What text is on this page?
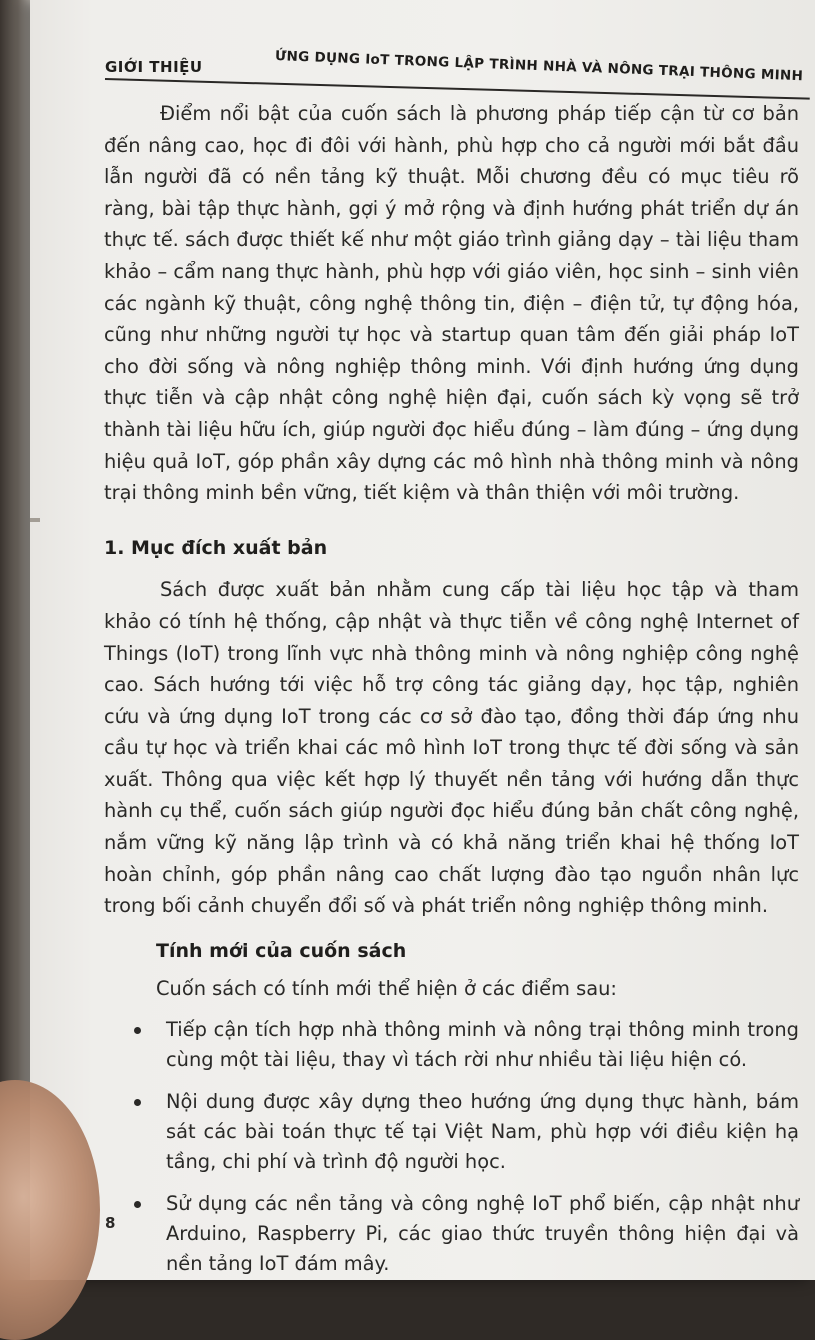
GIỚI THIỆU	ỨNG DỤNG IoT TRONG LẬP TRÌNH NHÀ VÀ NÔNG TRẠI THÔNG MINH

Điểm nổi bật của cuốn sách là phương pháp tiếp cận từ cơ bản đến nâng cao, học đi đôi với hành, phù hợp cho cả người mới bắt đầu lẫn người đã có nền tảng kỹ thuật. Mỗi chương đều có mục tiêu rõ ràng, bài tập thực hành, gợi ý mở rộng và định hướng phát triển dự án thực tế. sách được thiết kế như một giáo trình giảng dạy – tài liệu tham khảo – cẩm nang thực hành, phù hợp với giáo viên, học sinh – sinh viên các ngành kỹ thuật, công nghệ thông tin, điện – điện tử, tự động hóa, cũng như những người tự học và startup quan tâm đến giải pháp IoT cho đời sống và nông nghiệp thông minh. Với định hướng ứng dụng thực tiễn và cập nhật công nghệ hiện đại, cuốn sách kỳ vọng sẽ trở thành tài liệu hữu ích, giúp người đọc hiểu đúng – làm đúng – ứng dụng hiệu quả IoT, góp phần xây dựng các mô hình nhà thông minh và nông trại thông minh bền vững, tiết kiệm và thân thiện với môi trường.

1. Mục đích xuất bản

Sách được xuất bản nhằm cung cấp tài liệu học tập và tham khảo có tính hệ thống, cập nhật và thực tiễn về công nghệ Internet of Things (IoT) trong lĩnh vực nhà thông minh và nông nghiệp công nghệ cao. Sách hướng tới việc hỗ trợ công tác giảng dạy, học tập, nghiên cứu và ứng dụng IoT trong các cơ sở đào tạo, đồng thời đáp ứng nhu cầu tự học và triển khai các mô hình IoT trong thực tế đời sống và sản xuất. Thông qua việc kết hợp lý thuyết nền tảng với hướng dẫn thực hành cụ thể, cuốn sách giúp người đọc hiểu đúng bản chất công nghệ, nắm vững kỹ năng lập trình và có khả năng triển khai hệ thống IoT hoàn chỉnh, góp phần nâng cao chất lượng đào tạo nguồn nhân lực trong bối cảnh chuyển đổi số và phát triển nông nghiệp thông minh.

Tính mới của cuốn sách
Cuốn sách có tính mới thể hiện ở các điểm sau:
Tiếp cận tích hợp nhà thông minh và nông trại thông minh trong cùng một tài liệu, thay vì tách rời như nhiều tài liệu hiện có.
Nội dung được xây dựng theo hướng ứng dụng thực hành, bám sát các bài toán thực tế tại Việt Nam, phù hợp với điều kiện hạ tầng, chi phí và trình độ người học.
Sử dụng các nền tảng và công nghệ IoT phổ biến, cập nhật như Arduino, Raspberry Pi, các giao thức truyền thông hiện đại và nền tảng IoT đám mây.
8
